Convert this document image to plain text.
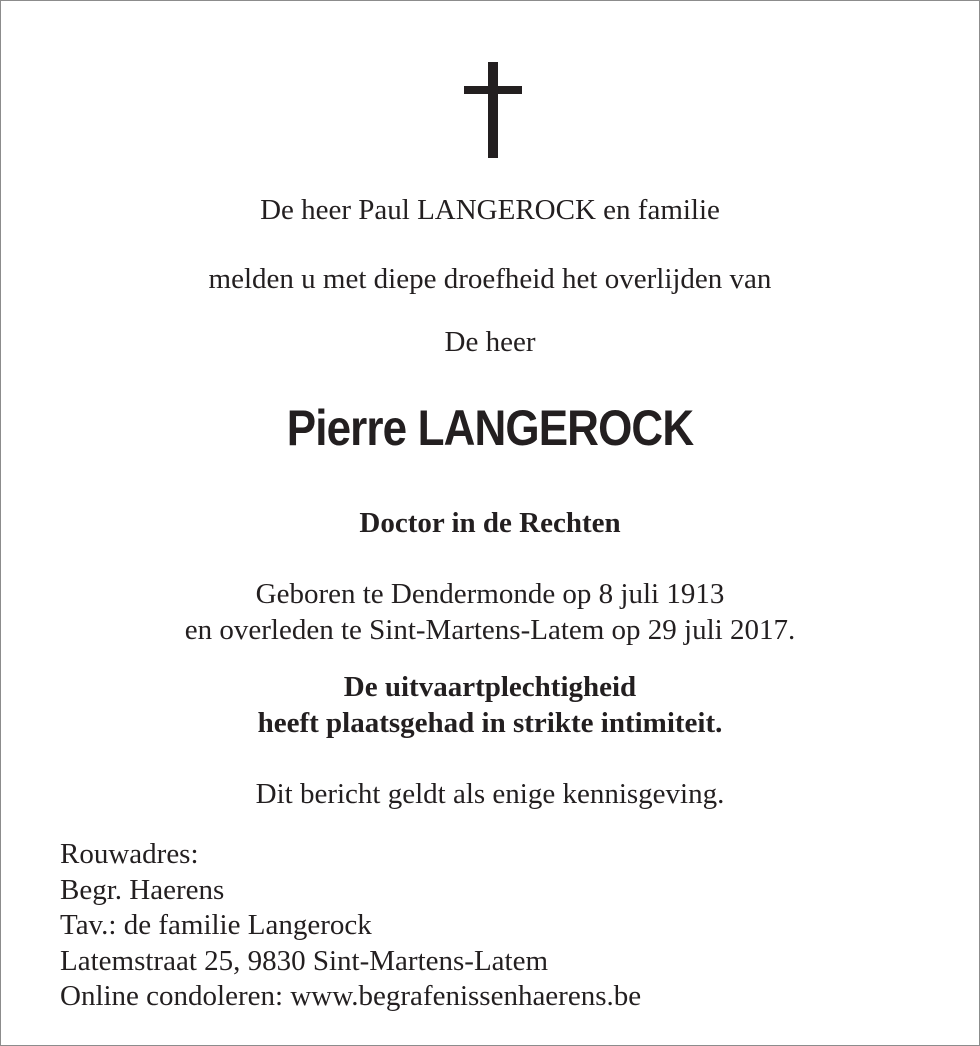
De heer Paul LANGEROCK en familie
melden u met diepe droefheid het overlijden van
De heer
Pierre LANGEROCK
Doctor in de Rechten
Geboren te Dendermonde op 8 juli 1913
en overleden te Sint-Martens-Latem op 29 juli 2017.
De uitvaartplechtigheid
heeft plaatsgehad in strikte intimiteit.
Dit bericht geldt als enige kennisgeving.
Rouwadres:
Begr. Haerens
Tav.: de familie Langerock
Latemstraat 25, 9830 Sint-Martens-Latem
Online condoleren: www.begrafenissenhaerens.be
